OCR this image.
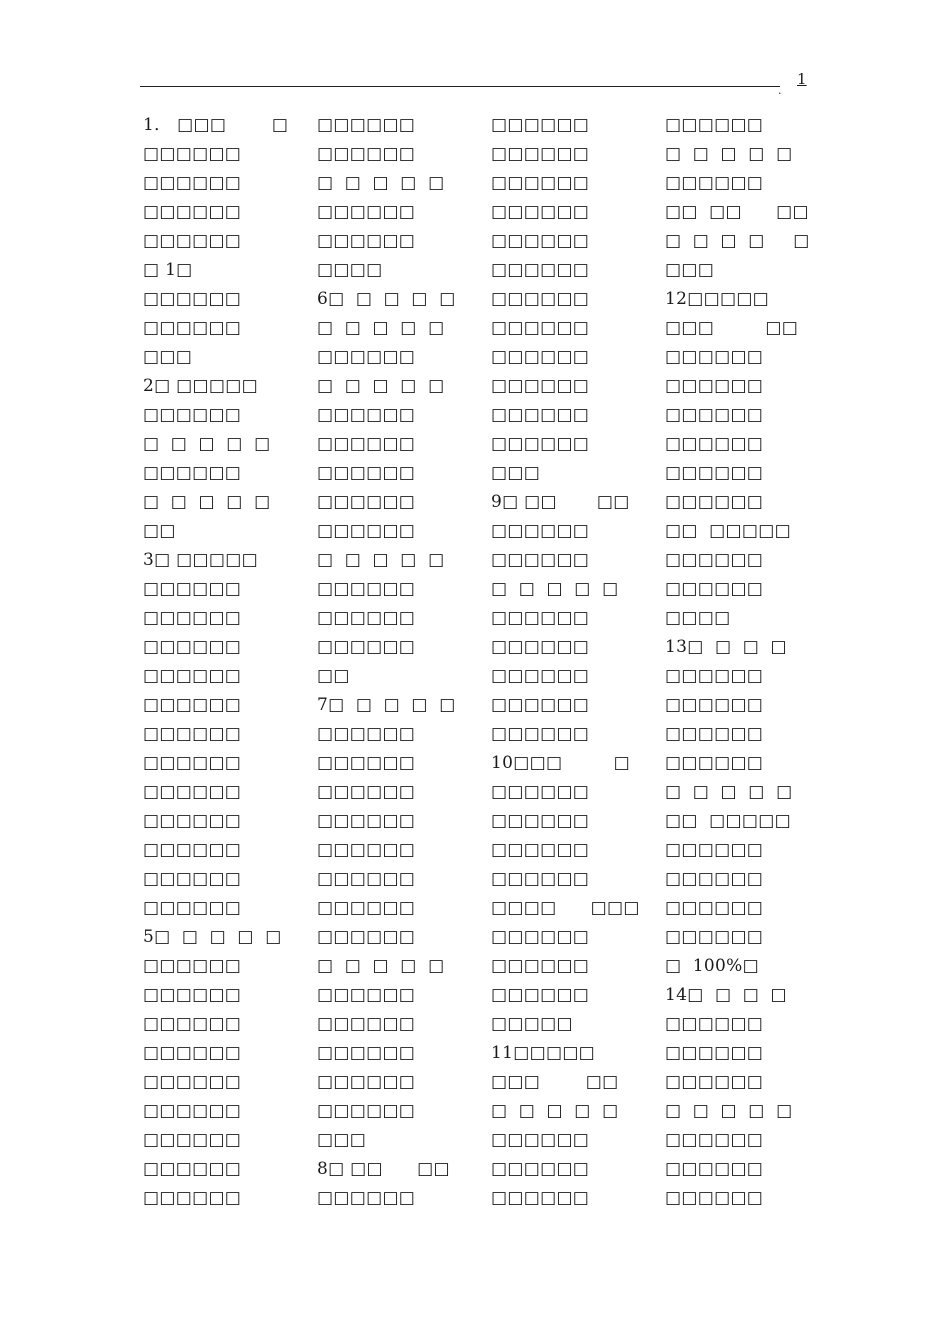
.
1
1． □□□        □	□□□□□□	□□□□□□	□□□□□□
□□□□□□	□□□□□□	□□□□□□	□  □  □  □  □
□□□□□□	□  □  □  □  □	□□□□□□	□□□□□□
□□□□□□	□□□□□□	□□□□□□	□□  □□      □□
□□□□□□	□□□□□□	□□□□□□	□  □  □  □     □
□ 1□	□□□□	□□□□□□	□□□
□□□□□□	6□  □  □  □  □	□□□□□□	12□□□□□
□□□□□□	□  □  □  □  □	□□□□□□	□□□         □□
□□□	□□□□□□	□□□□□□	□□□□□□
2□ □□□□□	□  □  □  □  □	□□□□□□	□□□□□□
□□□□□□	□□□□□□	□□□□□□	□□□□□□
□  □  □  □  □	□□□□□□	□□□□□□	□□□□□□
□□□□□□	□□□□□□	□□□	□□□□□□
□  □  □  □  □	□□□□□□	9□ □□       □□	□□□□□□
□□	□□□□□□	□□□□□□	□□  □□□□□
3□ □□□□□	□  □  □  □  □	□□□□□□	□□□□□□
□□□□□□	□□□□□□	□  □  □  □  □	□□□□□□
□□□□□□	□□□□□□	□□□□□□	□□□□
□□□□□□	□□□□□□	□□□□□□	13□  □  □  □
□□□□□□	□□	□□□□□□	□□□□□□
□□□□□□	7□  □  □  □  □	□□□□□□	□□□□□□
□□□□□□	□□□□□□	□□□□□□	□□□□□□
□□□□□□	□□□□□□	10□□□         □	□□□□□□
□□□□□□	□□□□□□	□□□□□□	□  □  □  □  □
□□□□□□	□□□□□□	□□□□□□	□□  □□□□□
□□□□□□	□□□□□□	□□□□□□	□□□□□□
□□□□□□	□□□□□□	□□□□□□	□□□□□□
□□□□□□	□□□□□□	□□□□      □□□	□□□□□□
5□  □  □  □  □	□□□□□□	□□□□□□	□□□□□□
□□□□□□	□  □  □  □  □	□□□□□□	□  100%□
□□□□□□	□□□□□□	□□□□□□	14□  □  □  □
□□□□□□	□□□□□□	□□□□□	□□□□□□
□□□□□□	□□□□□□	11□□□□□	□□□□□□
□□□□□□	□□□□□□	□□□        □□	□□□□□□
□□□□□□	□□□□□□	□  □  □  □  □	□  □  □  □  □
□□□□□□	□□□	□□□□□□	□□□□□□
□□□□□□	8□ □□      □□	□□□□□□	□□□□□□
□□□□□□	□□□□□□	□□□□□□	□□□□□□
